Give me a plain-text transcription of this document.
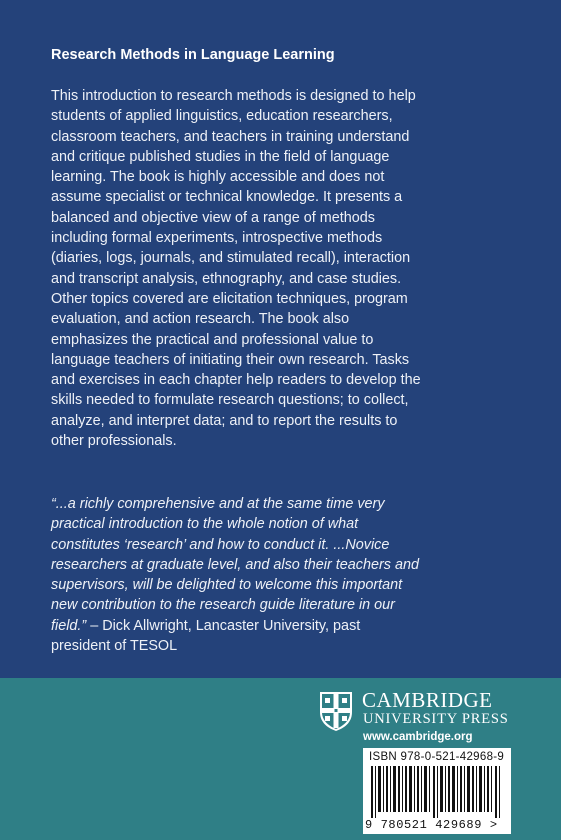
Research Methods in Language Learning
This introduction to research methods is designed to help
students of applied linguistics, education researchers,
classroom teachers, and teachers in training understand
and critique published studies in the field of language
learning. The book is highly accessible and does not
assume specialist or technical knowledge. It presents a
balanced and objective view of a range of methods
including formal experiments, introspective methods
(diaries, logs, journals, and stimulated recall), interaction
and transcript analysis, ethnography, and case studies.
Other topics covered are elicitation techniques, program
evaluation, and action research. The book also
emphasizes the practical and professional value to
language teachers of initiating their own research. Tasks
and exercises in each chapter help readers to develop the
skills needed to formulate research questions; to collect,
analyze, and interpret data; and to report the results to
other professionals.
“...a richly comprehensive and at the same time very
practical introduction to the whole notion of what
constitutes ‘research’ and how to conduct it. ...Novice
researchers at graduate level, and also their teachers and
supervisors, will be delighted to welcome this important
new contribution to the research guide literature in our
field.” – Dick Allwright, Lancaster University, past
president of TESOL
CAMBRIDGE
UNIVERSITY PRESS
www.cambridge.org
ISBN 978-0-521-42968-9
9 780521 429689 >
